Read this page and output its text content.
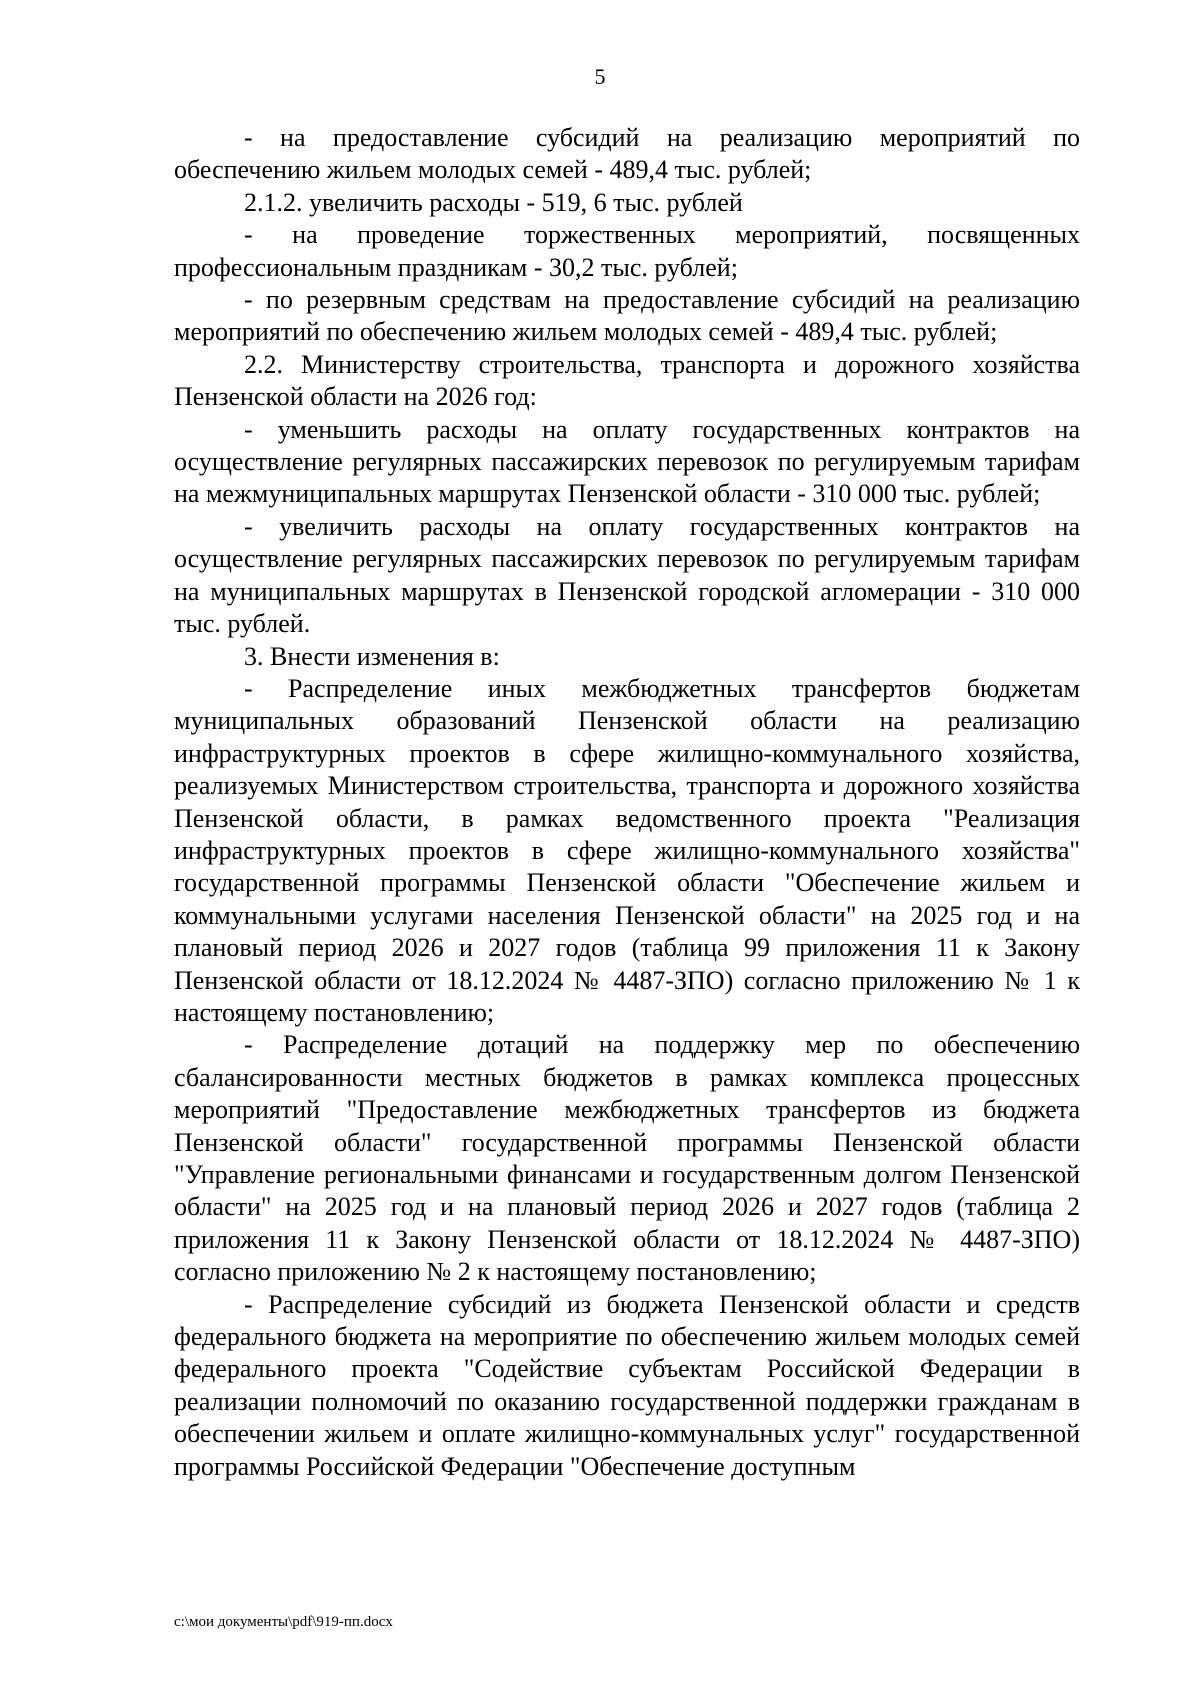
5

- на предоставление субсидий на реализацию мероприятий по обеспечению жильем молодых семей - 489,4 тыс. рублей;

2.1.2. увеличить расходы - 519, 6 тыс. рублей

- на проведение торжественных мероприятий, посвященных профессиональным праздникам - 30,2 тыс. рублей;

- по резервным средствам на предоставление субсидий на реализацию мероприятий по обеспечению жильем молодых семей - 489,4 тыс. рублей;

2.2. Министерству строительства, транспорта и дорожного хозяйства Пензенской области на 2026 год:

- уменьшить расходы на оплату государственных контрактов на осуществление регулярных пассажирских перевозок по регулируемым тарифам на межмуниципальных маршрутах Пензенской области - 310 000 тыс. рублей;

- увеличить расходы на оплату государственных контрактов на осуществление регулярных пассажирских перевозок по регулируемым тарифам на муниципальных маршрутах в Пензенской городской агломерации - 310 000 тыс. рублей.

3. Внести изменения в:

- Распределение иных межбюджетных трансфертов бюджетам муниципальных образований Пензенской области на реализацию инфраструктурных проектов в сфере жилищно-коммунального хозяйства, реализуемых Министерством строительства, транспорта и дорожного хозяйства Пензенской области, в рамках ведомственного проекта "Реализация инфраструктурных проектов в сфере жилищно-коммунального хозяйства" государственной программы Пензенской области "Обеспечение жильем и коммунальными услугами населения Пензенской области" на 2025 год и на плановый период 2026 и 2027 годов (таблица 99 приложения 11 к Закону Пензенской области от 18.12.2024 № 4487-ЗПО) согласно приложению № 1 к настоящему постановлению;

- Распределение дотаций на поддержку мер по обеспечению сбалансированности местных бюджетов в рамках комплекса процессных мероприятий "Предоставление межбюджетных трансфертов из бюджета Пензенской области" государственной программы Пензенской области "Управление региональными финансами и государственным долгом Пензенской области" на 2025 год и на плановый период 2026 и 2027 годов (таблица 2 приложения 11 к Закону Пензенской области от 18.12.2024 № 4487-ЗПО) согласно приложению № 2 к настоящему постановлению;

- Распределение субсидий из бюджета Пензенской области и средств федерального бюджета на мероприятие по обеспечению жильем молодых семей федерального проекта "Содействие субъектам Российской Федерации в реализации полномочий по оказанию государственной поддержки гражданам в обеспечении жильем и оплате жилищно-коммунальных услуг" государственной программы Российской Федерации "Обеспечение доступным

c:\мои документы\pdf\919-пп.docx
